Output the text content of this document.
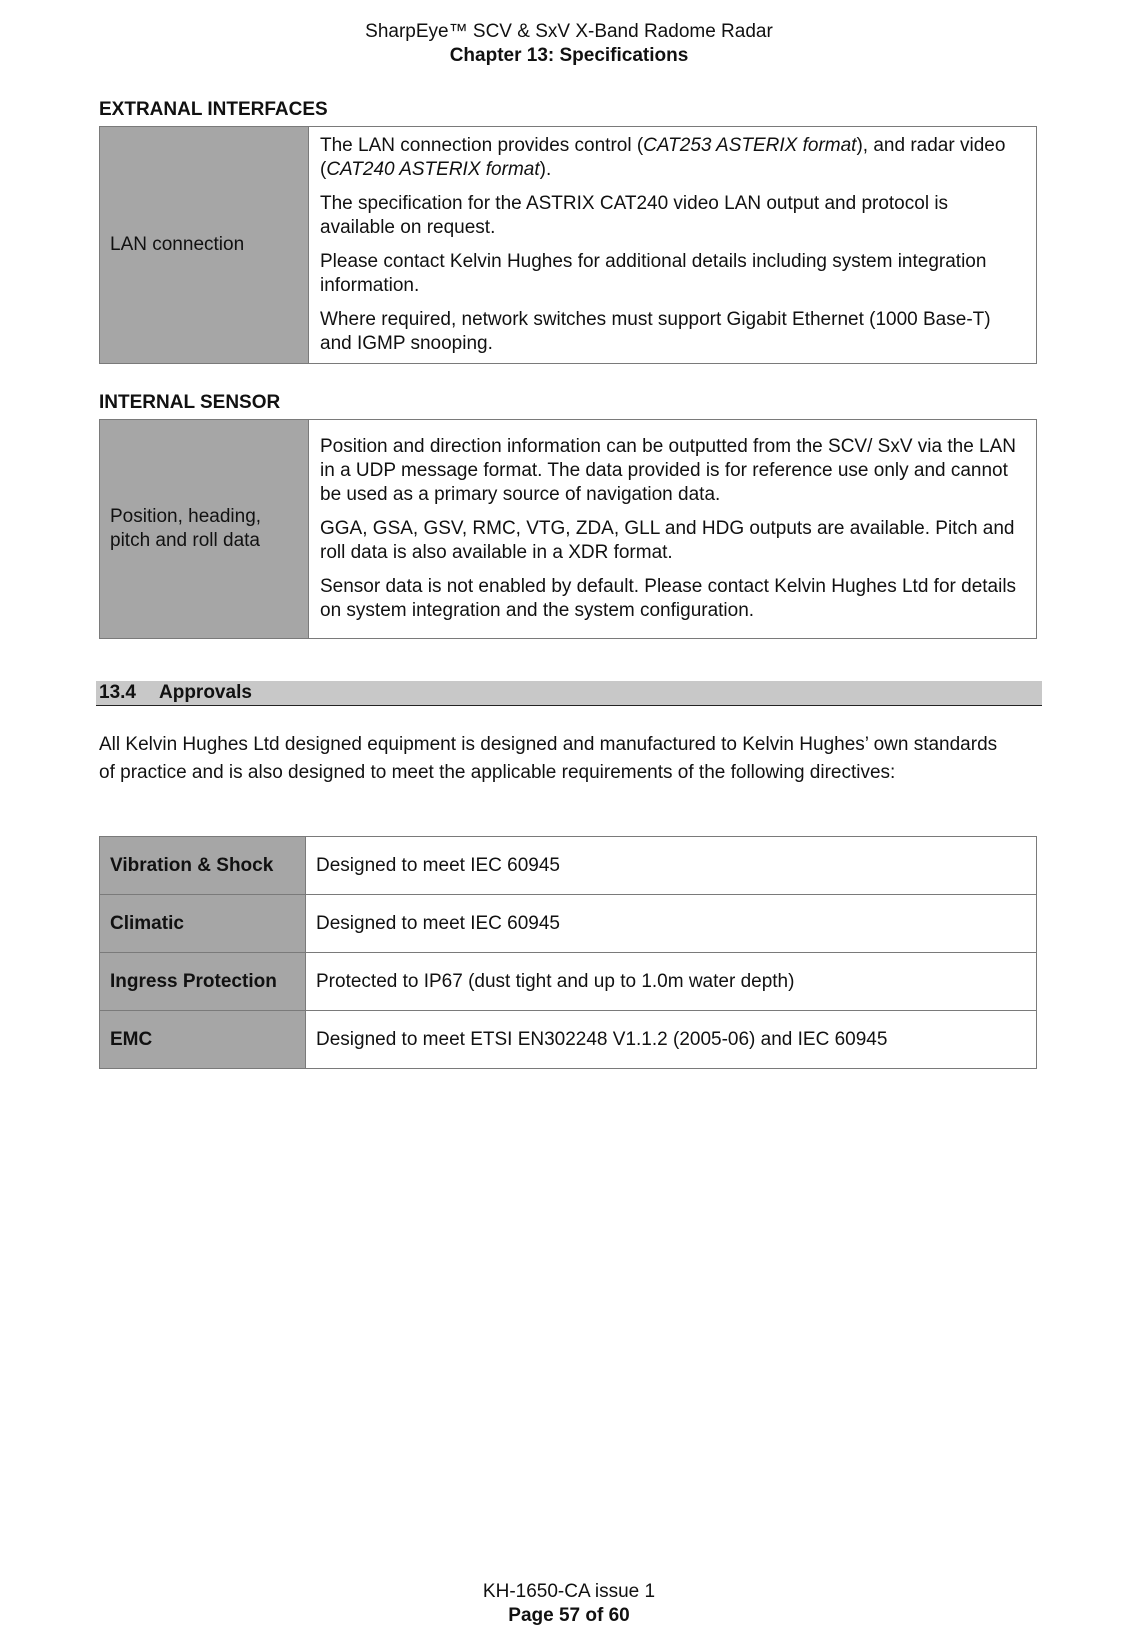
SharpEye™ SCV & SxV X-Band Radome Radar
Chapter 13: Specifications
EXTRANAL INTERFACES
LAN connection	

The LAN connection provides control (CAT253 ASTERIX format), and radar video (CAT240 ASTERIX format).

The specification for the ASTRIX CAT240 video LAN output and protocol is available on request.

Please contact Kelvin Hughes for additional details including system integration information.

Where required, network switches must support Gigabit Ethernet (1000 Base-T) and IGMP snooping.

INTERNAL SENSOR
Position, heading, pitch and roll data	

Position and direction information can be outputted from the SCV/ SxV via the LAN in a UDP message format. The data provided is for reference use only and cannot be used as a primary source of navigation data.

GGA, GSA, GSV, RMC, VTG, ZDA, GLL and HDG outputs are available. Pitch and roll data is also available in a XDR format.

Sensor data is not enabled by default. Please contact Kelvin Hughes Ltd for details on system integration and the system configuration.

13.4 Approvals

All Kelvin Hughes Ltd designed equipment is designed and manufactured to Kelvin Hughes’ own standards of practice and is also designed to meet the applicable requirements of the following directives:

Vibration & Shock	Designed to meet IEC 60945
Climatic	Designed to meet IEC 60945
Ingress Protection	Protected to IP67 (dust tight and up to 1.0m water depth)
EMC	Designed to meet ETSI EN302248 V1.1.2 (2005-06) and IEC 60945
KH-1650-CA issue 1
Page 57 of 60
